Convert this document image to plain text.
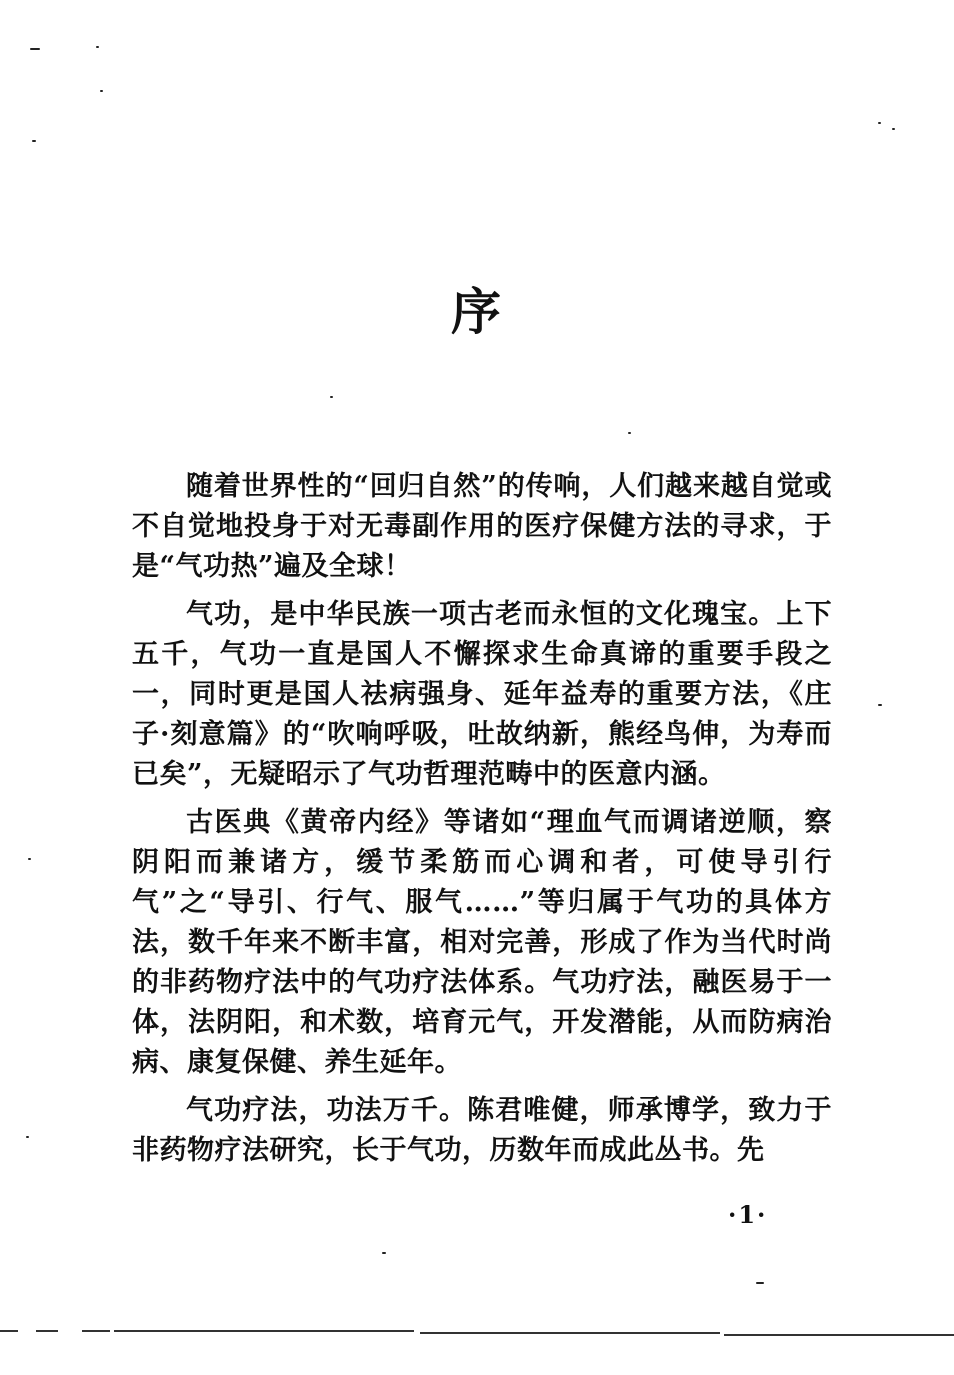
序

随着世界性的“回归自然”的传响，人们越来越自觉或不自觉地投身于对无毒副作用的医疗保健方法的寻求，于是“气功热”遍及全球！

气功，是中华民族一项古老而永恒的文化瑰宝。上下五千，气功一直是国人不懈探求生命真谛的重要手段之一，同时更是国人祛病强身、延年益寿的重要方法，《庄子·刻意篇》的“吹响呼吸，吐故纳新，熊经鸟伸，为寿而已矣”，无疑昭示了气功哲理范畴中的医意内涵。

古医典《黄帝内经》等诸如“理血气而调诸逆顺，察阴阳而兼诸方，缓节柔筋而心调和者，可使导引行气”之“导引、行气、服气……”等归属于气功的具体方法，数千年来不断丰富，相对完善，形成了作为当代时尚的非药物疗法中的气功疗法体系。气功疗法，融医易于一体，法阴阳，和术数，培育元气，开发潜能，从而防病治病、康复保健、养生延年。

气功疗法，功法万千。陈君唯健，师承博学，致力于非药物疗法研究，长于气功，历数年而成此丛书。先

·1·
